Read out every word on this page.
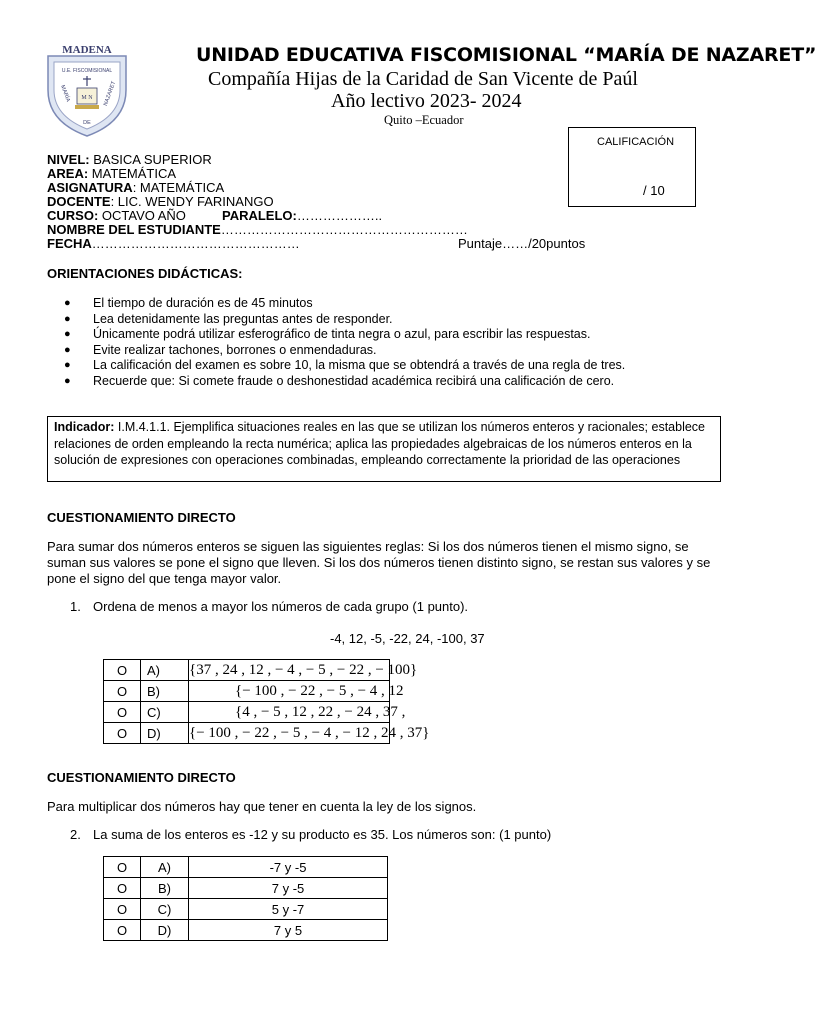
MADENA
U.E. FISCOMISIONAL
MARÍA
DE
NAZARET
M N
UNIDAD EDUCATIVA FISCOMISIONAL “MARÍA DE NAZARET”
Compañía Hijas de la Caridad de San Vicente de Paúl
Año lectivo 2023- 2024
Quito –Ecuador
CALIFICACIÓN
/ 10
NIVEL: BASICA SUPERIOR
AREA: MATEMÁTICA
ASIGNATURA: MATEMÁTICA
DOCENTE: LIC. WENDY FARINANGO
CURSO: OCTAVO AÑO	PARALELO:………………..
NOMBRE DEL ESTUDIANTE…………………………………………………
FECHA…………………………………………	Puntaje……/20puntos
ORIENTACIONES DIDÁCTICAS:
●	El tiempo de duración es de 45 minutos
●	Lea detenidamente las preguntas antes de responder.
●	Únicamente podrá utilizar esferográfico de tinta negra o azul, para escribir las respuestas.
●	Evite realizar tachones, borrones o enmendaduras.
●	La calificación del examen es sobre 10, la misma que se obtendrá a través de una regla de tres.
●	Recuerde que: Si comete fraude o deshonestidad académica recibirá una calificación de cero.
Indicador: I.M.4.1.1. Ejemplifica situaciones reales en las que se utilizan los números enteros y racionales; establece relaciones de orden empleando la recta numérica; aplica las propiedades algebraicas de los números enteros en la solución de expresiones con operaciones combinadas, empleando correctamente la prioridad de las operaciones
CUESTIONAMIENTO DIRECTO
Para sumar dos números enteros se siguen las siguientes reglas: Si los dos números tienen el mismo signo, se suman sus valores se pone el signo que lleven. Si los dos números tienen distinto signo, se restan sus valores y se pone el signo del que tenga mayor valor.
1. Ordena de menos a mayor los números de cada grupo (1 punto).
-4, 12, -5, -22, 24, -100, 37
O	A)	{37 , 24 , 12 , − 4 , − 5 , − 22 , − 100}

O	B)	{− 100 , − 22 , − 5 , − 4 , 12

O	C)	{4 , − 5 , 12 , 22 , − 24 , 37 ,

O	D)	{− 100 , − 22 , − 5 , − 4 , − 12 , 24 , 37}
CUESTIONAMIENTO DIRECTO
Para multiplicar dos números hay que tener en cuenta la ley de los signos.
2. La suma de los enteros es -12 y su producto es 35. Los números son: (1 punto)
O	A)	-7 y -5
O	B)	7 y -5
O	C)	5 y -7
O	D)	7 y 5
